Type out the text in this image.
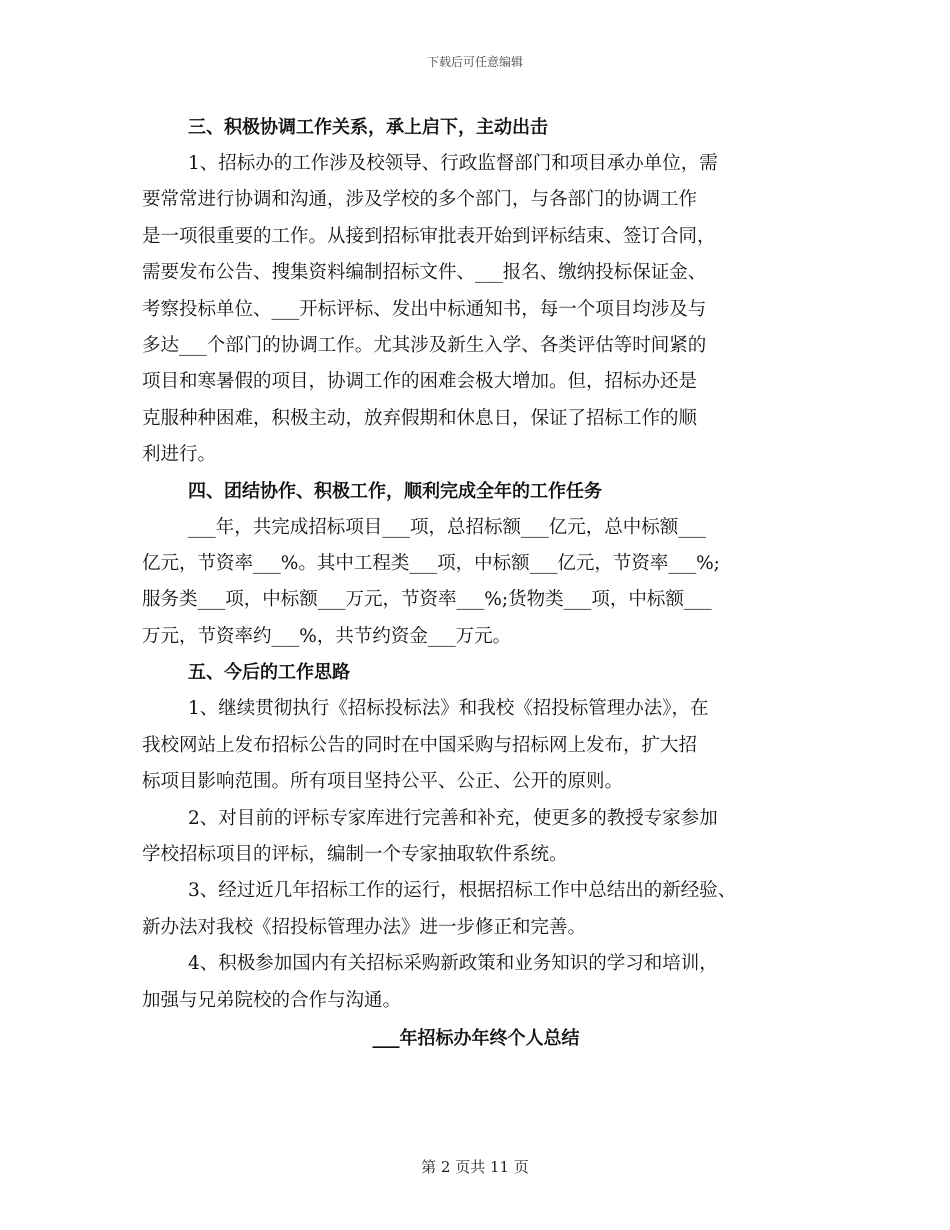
下载后可任意编辑
三、积极协调工作关系，承上启下，主动出击

1、招标办的工作涉及校领导、行政监督部门和项目承办单位，需
要常常进行协调和沟通，涉及学校的多个部门，与各部门的协调工作
是一项很重要的工作。从接到招标审批表开始到评标结束、签订合同，
需要发布公告、搜集资料编制招标文件、___报名、缴纳投标保证金、
考察投标单位、___开标评标、发出中标通知书，每一个项目均涉及与
多达___个部门的协调工作。尤其涉及新生入学、各类评估等时间紧的
项目和寒暑假的项目，协调工作的困难会极大增加。但，招标办还是
克服种种困难，积极主动，放弃假期和休息日，保证了招标工作的顺
利进行。

四、团结协作、积极工作，顺利完成全年的工作任务

___年，共完成招标项目___项，总招标额___亿元，总中标额___
亿元，节资率___%。其中工程类___项，中标额___亿元，节资率___%;
服务类___项，中标额___万元，节资率___%;货物类___项，中标额___
万元，节资率约___%，共节约资金___万元。

五、今后的工作思路

1、继续贯彻执行《招标投标法》和我校《招投标管理办法》，在
我校网站上发布招标公告的同时在中国采购与招标网上发布，扩大招
标项目影响范围。所有项目坚持公平、公正、公开的原则。

2、对目前的评标专家库进行完善和补充，使更多的教授专家参加
学校招标项目的评标，编制一个专家抽取软件系统。

3、经过近几年招标工作的运行，根据招标工作中总结出的新经验、
新办法对我校《招投标管理办法》进一步修正和完善。

4、积极参加国内有关招标采购新政策和业务知识的学习和培训，
加强与兄弟院校的合作与沟通。

___年招标办年终个人总结
第 2 页共 11 页
